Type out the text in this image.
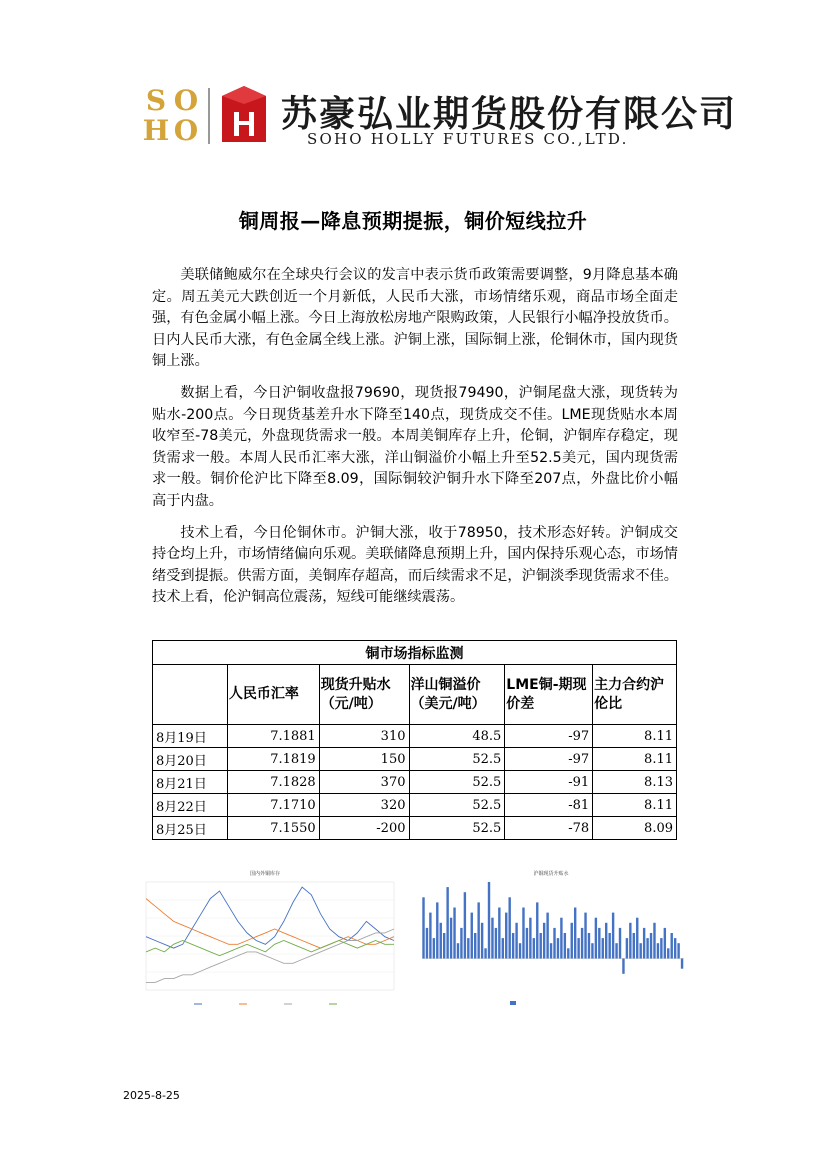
S O
H O 苏豪弘业期货股份有限公司
SOHO HOLLY FUTURES CO.,LTD.
铜周报—降息预期提振，铜价短线拉升

美联储鲍威尔在全球央行会议的发言中表示货币政策需要调整，9月降息基本确定。周五美元大跌创近一个月新低，人民币大涨，市场情绪乐观，商品市场全面走强，有色金属小幅上涨。今日上海放松房地产限购政策，人民银行小幅净投放货币。日内人民币大涨，有色金属全线上涨。沪铜上涨，国际铜上涨，伦铜休市，国内现货铜上涨。

数据上看，今日沪铜收盘报79690，现货报79490，沪铜尾盘大涨，现货转为贴水-200点。今日现货基差升水下降至140点，现货成交不佳。LME现货贴水本周收窄至-78美元，外盘现货需求一般。本周美铜库存上升，伦铜，沪铜库存稳定，现货需求一般。本周人民币汇率大涨，洋山铜溢价小幅上升至52.5美元，国内现货需求一般。铜价伦沪比下降至8.09，国际铜较沪铜升水下降至207点，外盘比价小幅高于内盘。

技术上看，今日伦铜休市。沪铜大涨，收于78950，技术形态好转。沪铜成交持仓均上升，市场情绪偏向乐观。美联储降息预期上升，国内保持乐观心态，市场情绪受到提振。供需方面，美铜库存超高，而后续需求不足，沪铜淡季现货需求不佳。技术上看，伦沪铜高位震荡，短线可能继续震荡。

铜市场指标监测					
	人民币汇率	现货升贴水（元/吨）	洋山铜溢价（美元/吨）	LME铜-期现价差	主力合约沪伦比
8月19日	7.1881	310	48.5	-97	8.11
8月20日	7.1819	150	52.5	-97	8.11
8月21日	7.1828	370	52.5	-91	8.13
8月22日	7.1710	320	52.5	-81	8.11
8月25日	7.1550	-200	52.5	-78	8.09
国内外铜库存	沪铜现货升贴水
2025-8-25
